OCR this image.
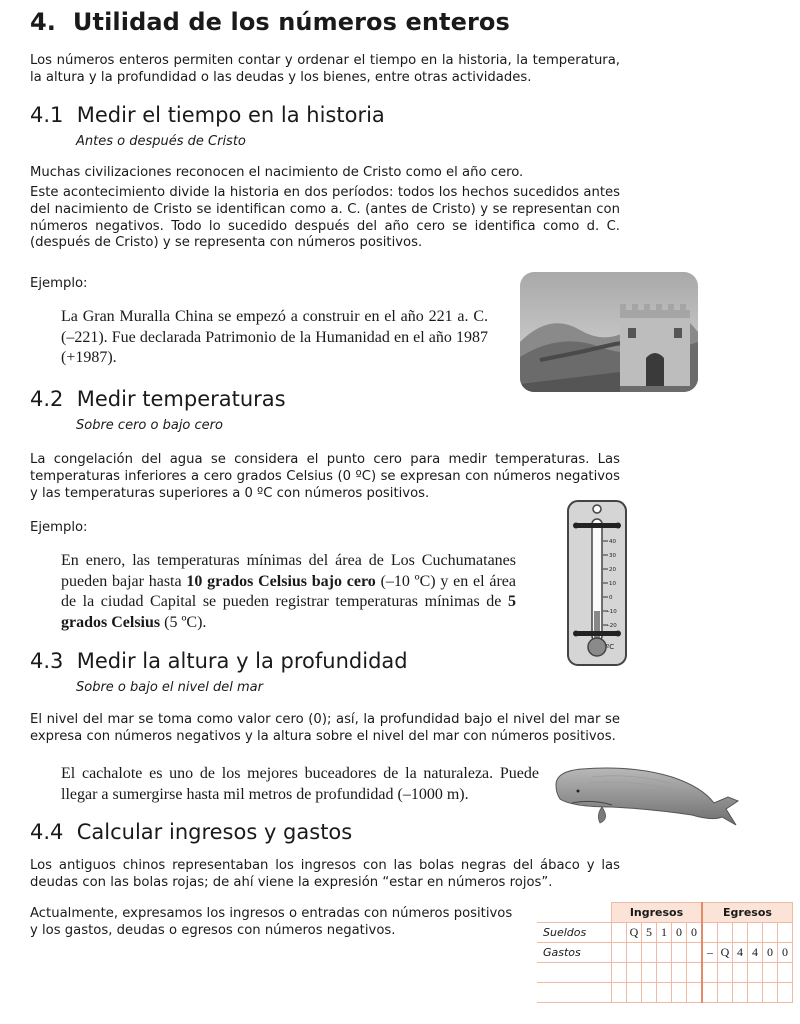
4.  Utilidad de los números enteros

Los números enteros permiten contar y ordenar el tiempo en la historia, la temperatura, la altura y la profundidad o las deudas y los bienes, entre otras actividades.

4.1  Medir el tiempo en la historia

Antes o después de Cristo

Muchas civilizaciones reconocen el nacimiento de Cristo como el año cero.

Este acontecimiento divide la historia en dos períodos: todos los hechos sucedidos antes del nacimiento de Cristo se identifican como a. C. (antes de Cristo) y se representan con números negativos. Todo lo sucedido después del año cero se identifica como d. C. (después de Cristo) y se representa con números positivos.

Ejemplo:

La Gran Muralla China se empezó a construir en el año 221 a. C. (–221). Fue declarada Patrimonio de la Humanidad en el año 1987 (+1987).

4.2  Medir temperaturas

Sobre cero o bajo cero

La congelación del agua se considera el punto cero para medir temperaturas. Las temperaturas inferiores a cero grados Celsius (0 ºC) se expresan con números negativos y las temperaturas superiores a 0 ºC con números positivos.

Ejemplo:

En enero, las temperaturas mínimas del área de Los Cuchumatanes pueden bajar hasta 10 grados Celsius bajo cero (–10 ºC) y en el área de la ciudad Capital se pueden registrar temperaturas mínimas de 5 grados Celsius (5 ºC).

40
30
20
10
0
–10
–20
ºC
4.3  Medir la altura y la profundidad

Sobre o bajo el nivel del mar

El nivel del mar se toma como valor cero (0); así, la profundidad bajo el nivel del mar se expresa con números negativos y la altura sobre el nivel del mar con números positivos.

El cachalote es uno de los mejores buceadores de la naturaleza. Puede llegar a sumergirse hasta mil metros de profundidad (–1000 m).

4.4  Calcular ingresos y gastos

Los antiguos chinos representaban los ingresos con las bolas negras del ábaco y las deudas con las bolas rojas; de ahí viene la expresión “estar en números rojos”.

Actualmente, expresamos los ingresos o entradas con números positivos y los gastos, deudas o egresos con números negativos.

	Ingresos						Egresos					
Sueldos		Q	5	1	0	0						
Gastos							–	Q	4	4	0	0
